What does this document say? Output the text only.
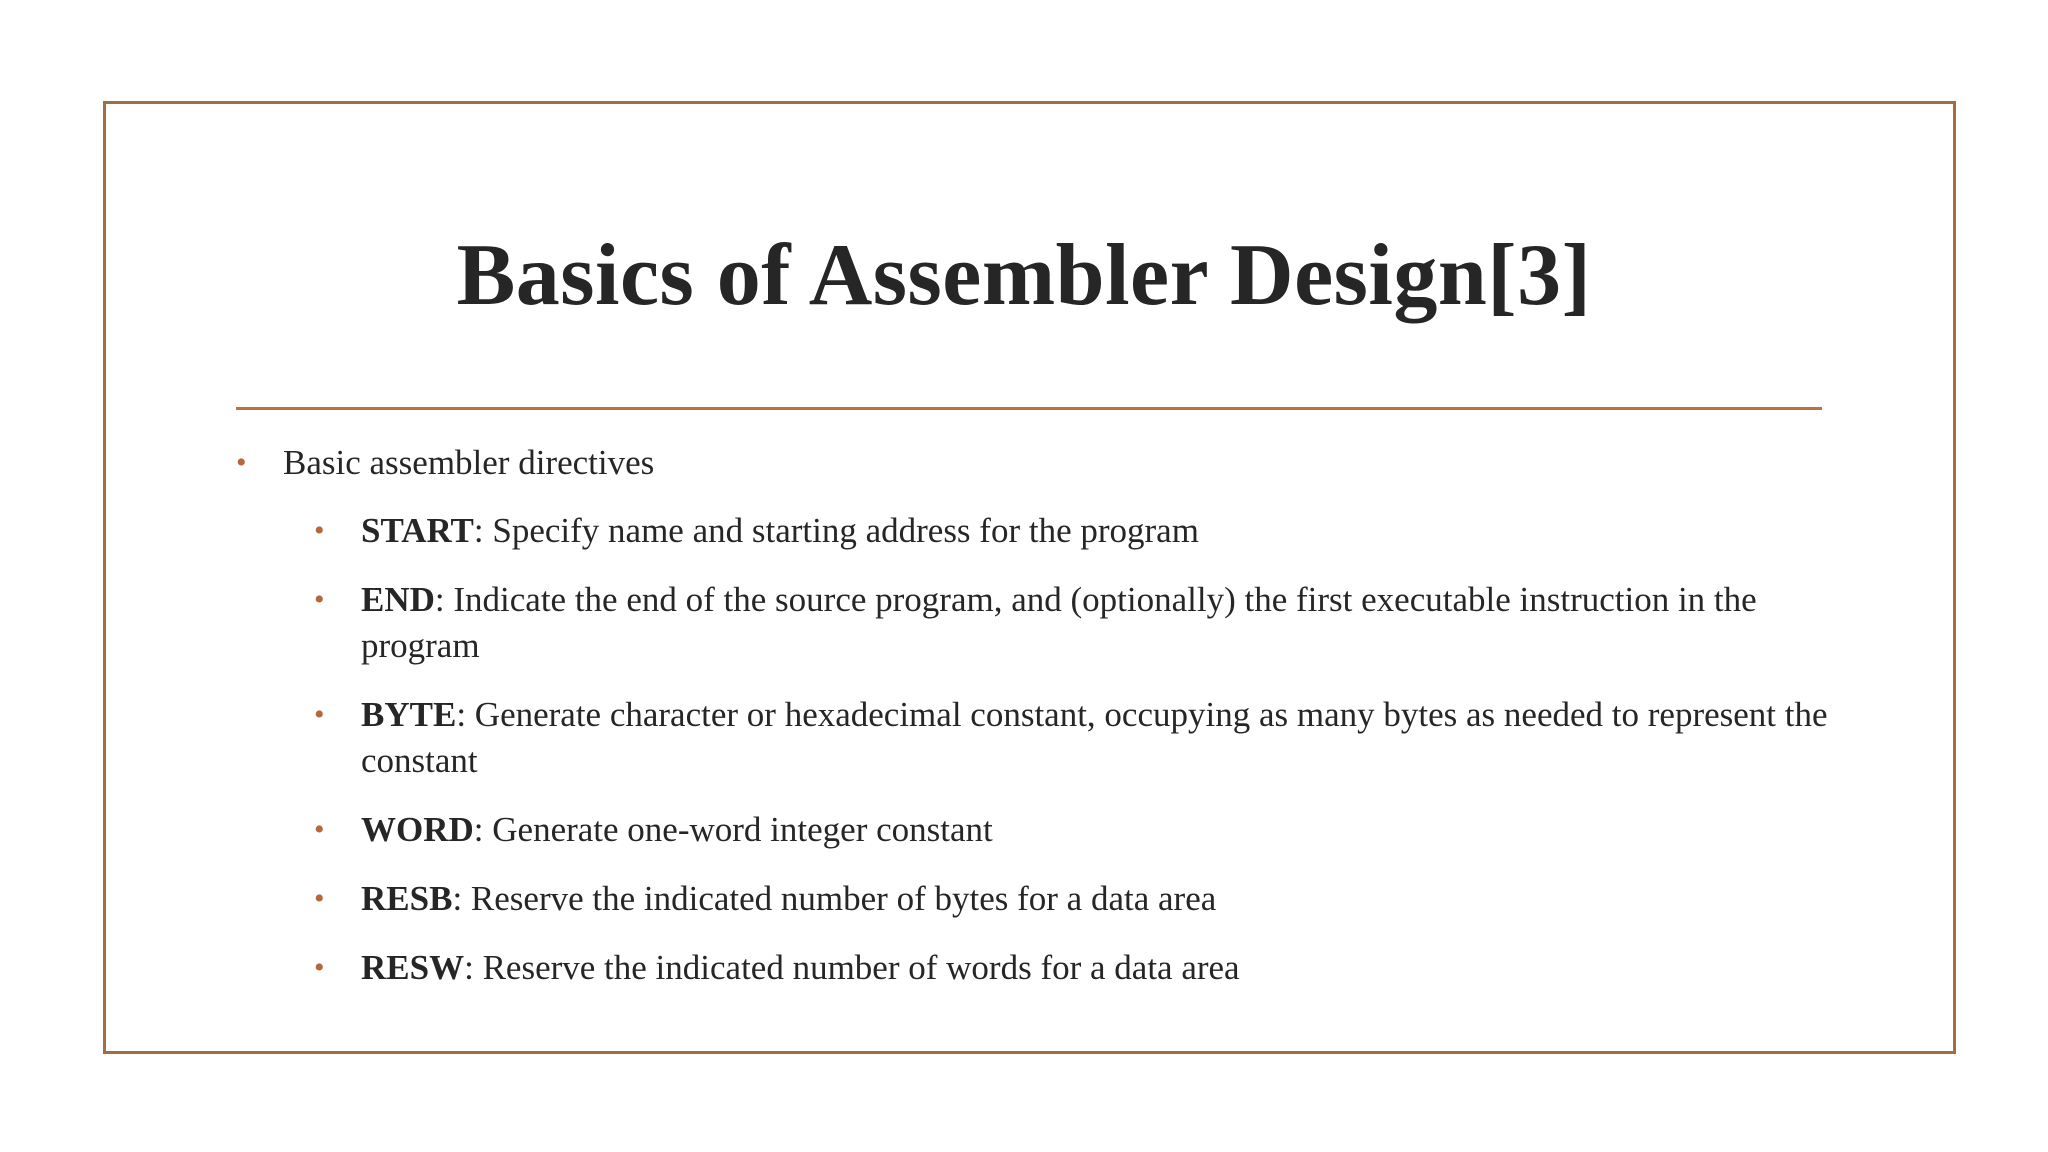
Basics of Assembler Design[3]
• Basic assembler directives
• START: Specify name and starting address for the program
• END: Indicate the end of the source program, and (optionally) the first executable instruction in the program
• BYTE: Generate character or hexadecimal constant, occupying as many bytes as needed to represent the constant
• WORD: Generate one-word integer constant
• RESB: Reserve the indicated number of bytes for a data area
• RESW: Reserve the indicated number of words for a data area
